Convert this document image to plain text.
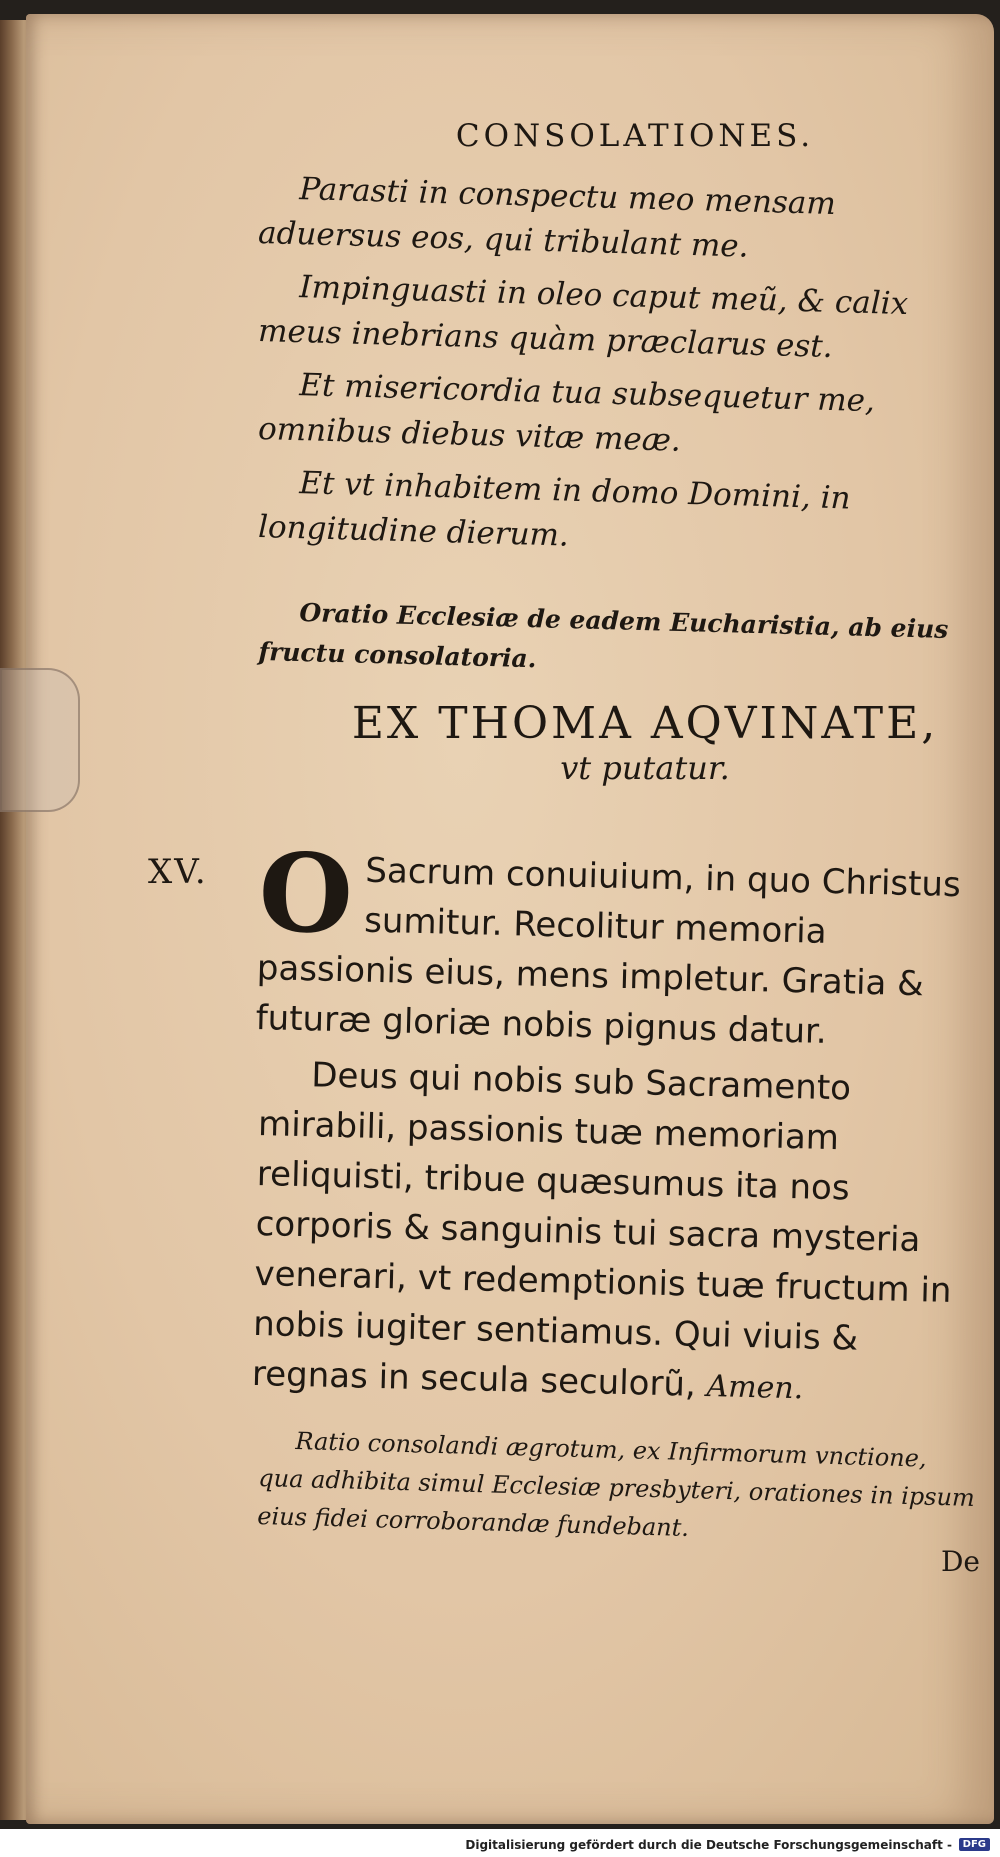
XV.

CONSOLATIONES.

Parasti in conspectu meo mensam aduersus eos, qui tribulant me.

Impinguasti in oleo caput meũ, & calix meus inebrians quàm præclarus est.

Et misericordia tua subsequetur me, omnibus diebus vitæ meæ.

Et vt inhabitem in domo Domini, in longitudine dierum.

Oratio Ecclesiæ de eadem Eucharistia, ab eius fructu consolatoria.

EX THOMA AQVINATE,

vt putatur.

O Sacrum conuiuium, in quo Christus sumitur. Recolitur memoria passionis eius, mens impletur. Gratia & futuræ gloriæ nobis pignus datur.

Deus qui nobis sub Sacramento mirabili, passionis tuæ memoriam reliquisti, tribue quæsumus ita nos corporis & sanguinis tui sacra mysteria venerari, vt redemptionis tuæ fructum in nobis iugiter sentiamus. Qui viuis & regnas in secula seculorũ, Amen.

Ratio consolandi ægrotum, ex Infirmorum vnctione, qua adhibita simul Ecclesiæ presbyteri, orationes in ipsum eius fidei corroborandæ fundebant.

De
Digitalisierung gefördert durch die Deutsche Forschungsgemeinschaft -	DFG
